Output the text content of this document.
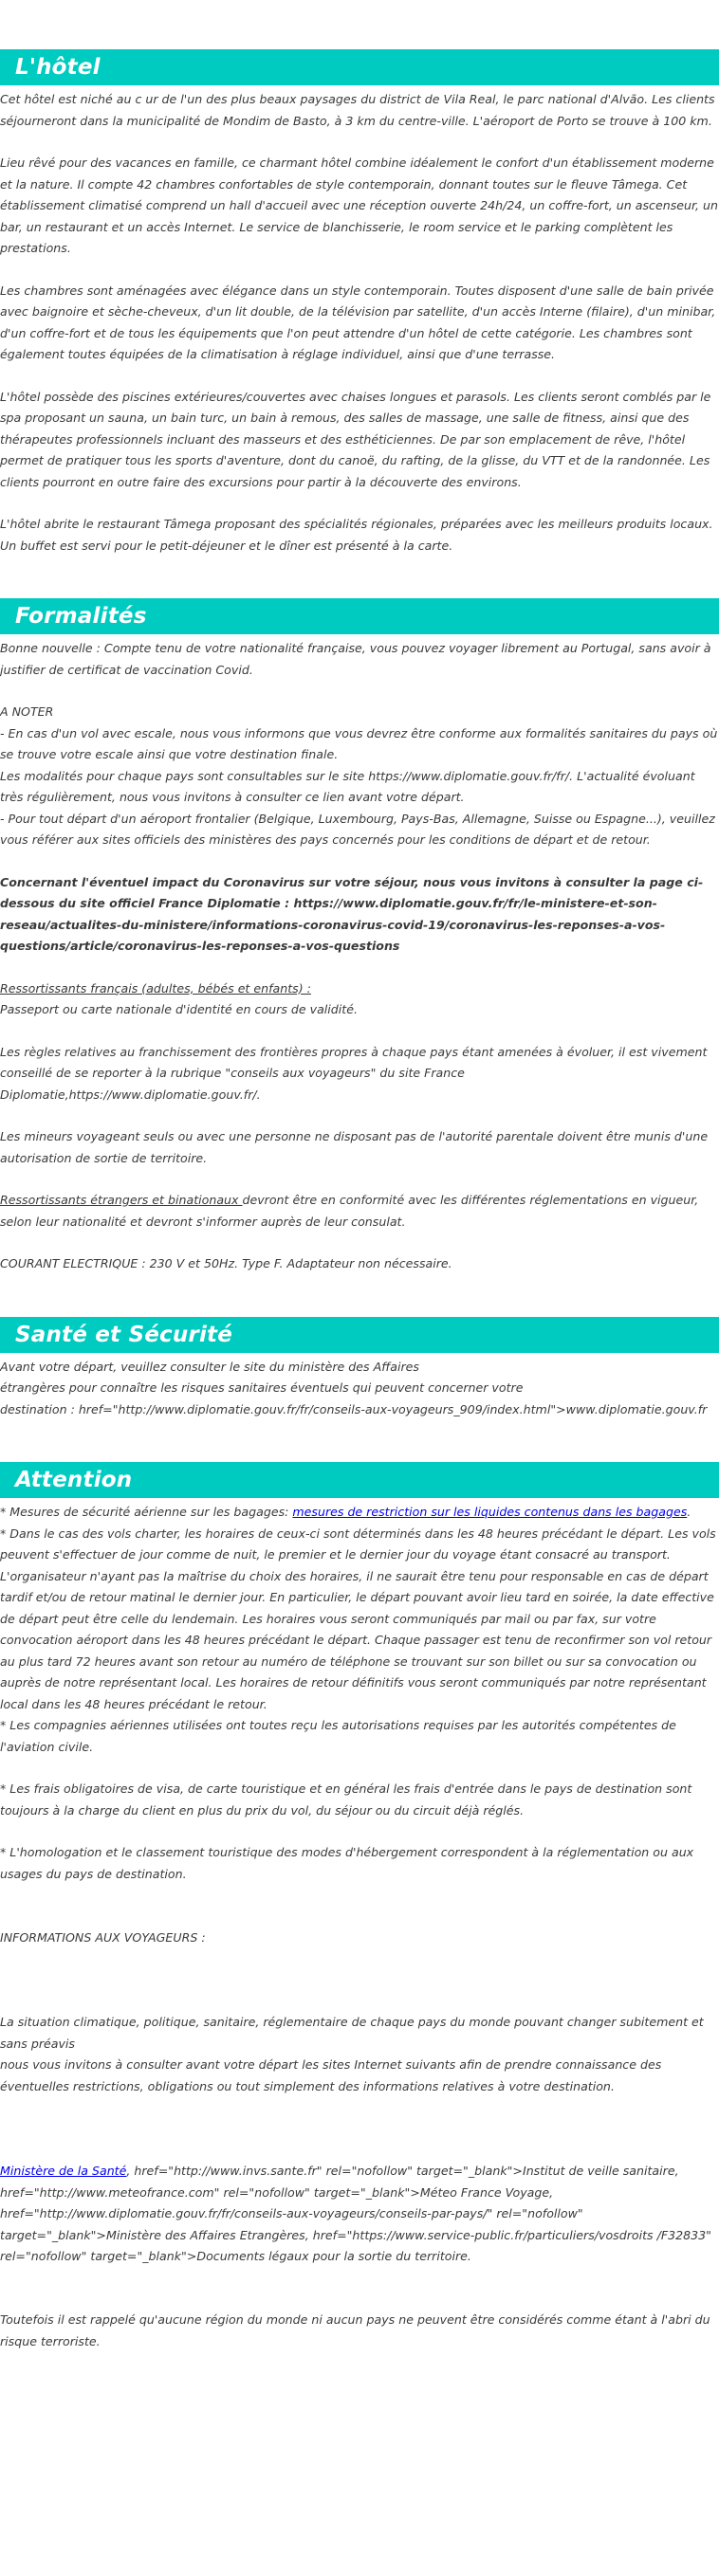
L'hôtel

Cet hôtel est niché au c ur de l'un des plus beaux paysages du district de Vila Real, le parc national d'Alvão. Les clients séjourneront dans la municipalité de Mondim de Basto, à 3 km du centre-ville. L'aéroport de Porto se trouve à 100 km.

Lieu rêvé pour des vacances en famille, ce charmant hôtel combine idéalement le confort d'un établissement moderne et la nature. Il compte 42 chambres confortables de style contemporain, donnant toutes sur le fleuve Tâmega. Cet établissement climatisé comprend un hall d'accueil avec une réception ouverte 24h/24, un coffre-fort, un ascenseur, un bar, un restaurant et un accès Internet. Le service de blanchisserie, le room service et le parking complètent les prestations.

Les chambres sont aménagées avec élégance dans un style contemporain. Toutes disposent d'une salle de bain privée avec baignoire et sèche-cheveux, d'un lit double, de la télévision par satellite, d'un accès Interne (filaire), d'un minibar, d'un coffre-fort et de tous les équipements que l'on peut attendre d'un hôtel de cette catégorie. Les chambres sont également toutes équipées de la climatisation à réglage individuel, ainsi que d'une terrasse.

L'hôtel possède des piscines extérieures/couvertes avec chaises longues et parasols. Les clients seront comblés par le spa proposant un sauna, un bain turc, un bain à remous, des salles de massage, une salle de fitness, ainsi que des thérapeutes professionnels incluant des masseurs et des esthéticiennes. De par son emplacement de rêve, l'hôtel permet de pratiquer tous les sports d'aventure, dont du canoë, du rafting, de la glisse, du VTT et de la randonnée. Les clients pourront en outre faire des excursions pour partir à la découverte des environs.

L'hôtel abrite le restaurant Tâmega proposant des spécialités régionales, préparées avec les meilleurs produits locaux. Un buffet est servi pour le petit-déjeuner et le dîner est présenté à la carte.

Formalités

Bonne nouvelle : Compte tenu de votre nationalité française, vous pouvez voyager librement au Portugal, sans avoir à justifier de certificat de vaccination Covid.

A NOTER

- En cas d'un vol avec escale, nous vous informons que vous devrez être conforme aux formalités sanitaires du pays où se trouve votre escale ainsi que votre destination finale.

Les modalités pour chaque pays sont consultables sur le site https://www.diplomatie.gouv.fr/fr/. L'actualité évoluant très régulièrement, nous vous invitons à consulter ce lien avant votre départ.

- Pour tout départ d'un aéroport frontalier (Belgique, Luxembourg, Pays-Bas, Allemagne, Suisse ou Espagne...), veuillez vous référer aux sites officiels des ministères des pays concernés pour les conditions de départ et de retour.

Concernant l'éventuel impact du Coronavirus sur votre séjour, nous vous invitons à consulter la page ci-dessous du site officiel France Diplomatie : https://www.diplomatie.gouv.fr/fr/le-ministere-et-son-reseau/actualites-du-ministere/informations-coronavirus-covid-19/coronavirus-les-reponses-a-vos-questions/article/coronavirus-les-reponses-a-vos-questions

Ressortissants français (adultes, bébés et enfants) :

Passeport ou carte nationale d'identité en cours de validité.

Les règles relatives au franchissement des frontières propres à chaque pays étant amenées à évoluer, il est vivement conseillé de se reporter à la rubrique "conseils aux voyageurs" du site France Diplomatie,https://www.diplomatie.gouv.fr/.

Les mineurs voyageant seuls ou avec une personne ne disposant pas de l'autorité parentale doivent être munis d'une autorisation de sortie de territoire.

Ressortissants étrangers et binationaux devront être en conformité avec les différentes réglementations en vigueur, selon leur nationalité et devront s'informer auprès de leur consulat.

COURANT ELECTRIQUE : 230 V et 50Hz. Type F. Adaptateur non nécessaire.

Santé et Sécurité

Avant votre départ, veuillez consulter le site du ministère des Affaires

étrangères pour connaître les risques sanitaires éventuels qui peuvent concerner votre

destination : href="http://www.diplomatie.gouv.fr/fr/conseils-aux-voyageurs_909/index.html">www.diplomatie.gouv.fr

Attention

* Mesures de sécurité aérienne sur les bagages: mesures de restriction sur les liquides contenus dans les bagages.

* Dans le cas des vols charter, les horaires de ceux-ci sont déterminés dans les 48 heures précédant le départ. Les vols peuvent s'effectuer de jour comme de nuit, le premier et le dernier jour du voyage étant consacré au transport. L'organisateur n'ayant pas la maîtrise du choix des horaires, il ne saurait être tenu pour responsable en cas de départ tardif et/ou de retour matinal le dernier jour. En particulier, le départ pouvant avoir lieu tard en soirée, la date effective de départ peut être celle du lendemain. Les horaires vous seront communiqués par mail ou par fax, sur votre convocation aéroport dans les 48 heures précédant le départ. Chaque passager est tenu de reconfirmer son vol retour au plus tard 72 heures avant son retour au numéro de téléphone se trouvant sur son billet ou sur sa convocation ou auprès de notre représentant local. Les horaires de retour définitifs vous seront communiqués par notre représentant local dans les 48 heures précédant le retour.

* Les compagnies aériennes utilisées ont toutes reçu les autorisations requises par les autorités compétentes de l'aviation civile.

* Les frais obligatoires de visa, de carte touristique et en général les frais d'entrée dans le pays de destination sont toujours à la charge du client en plus du prix du vol, du séjour ou du circuit déjà réglés.

* L'homologation et le classement touristique des modes d'hébergement correspondent à la réglementation ou aux usages du pays de destination.

INFORMATIONS AUX VOYAGEURS :

La situation climatique, politique, sanitaire, réglementaire de chaque pays du monde pouvant changer subitement et sans préavis

nous vous invitons à consulter avant votre départ les sites Internet suivants afin de prendre connaissance des éventuelles restrictions, obligations ou tout simplement des informations relatives à votre destination.

Ministère de la Santé, href="http://www.invs.sante.fr" rel="nofollow" target="_blank">Institut de veille sanitaire, href="http://www.meteofrance.com" rel="nofollow" target="_blank">Méteo France Voyage, href="http://www.diplomatie.gouv.fr/fr/conseils-aux-voyageurs/conseils-par-pays/" rel="nofollow" target="_blank">Ministère des Affaires Etrangères, href="https://www.service-public.fr/particuliers/vosdroits /F32833" rel="nofollow" target="_blank">Documents légaux pour la sortie du territoire.

Toutefois il est rappelé qu'aucune région du monde ni aucun pays ne peuvent être considérés comme étant à l'abri du risque terroriste.
